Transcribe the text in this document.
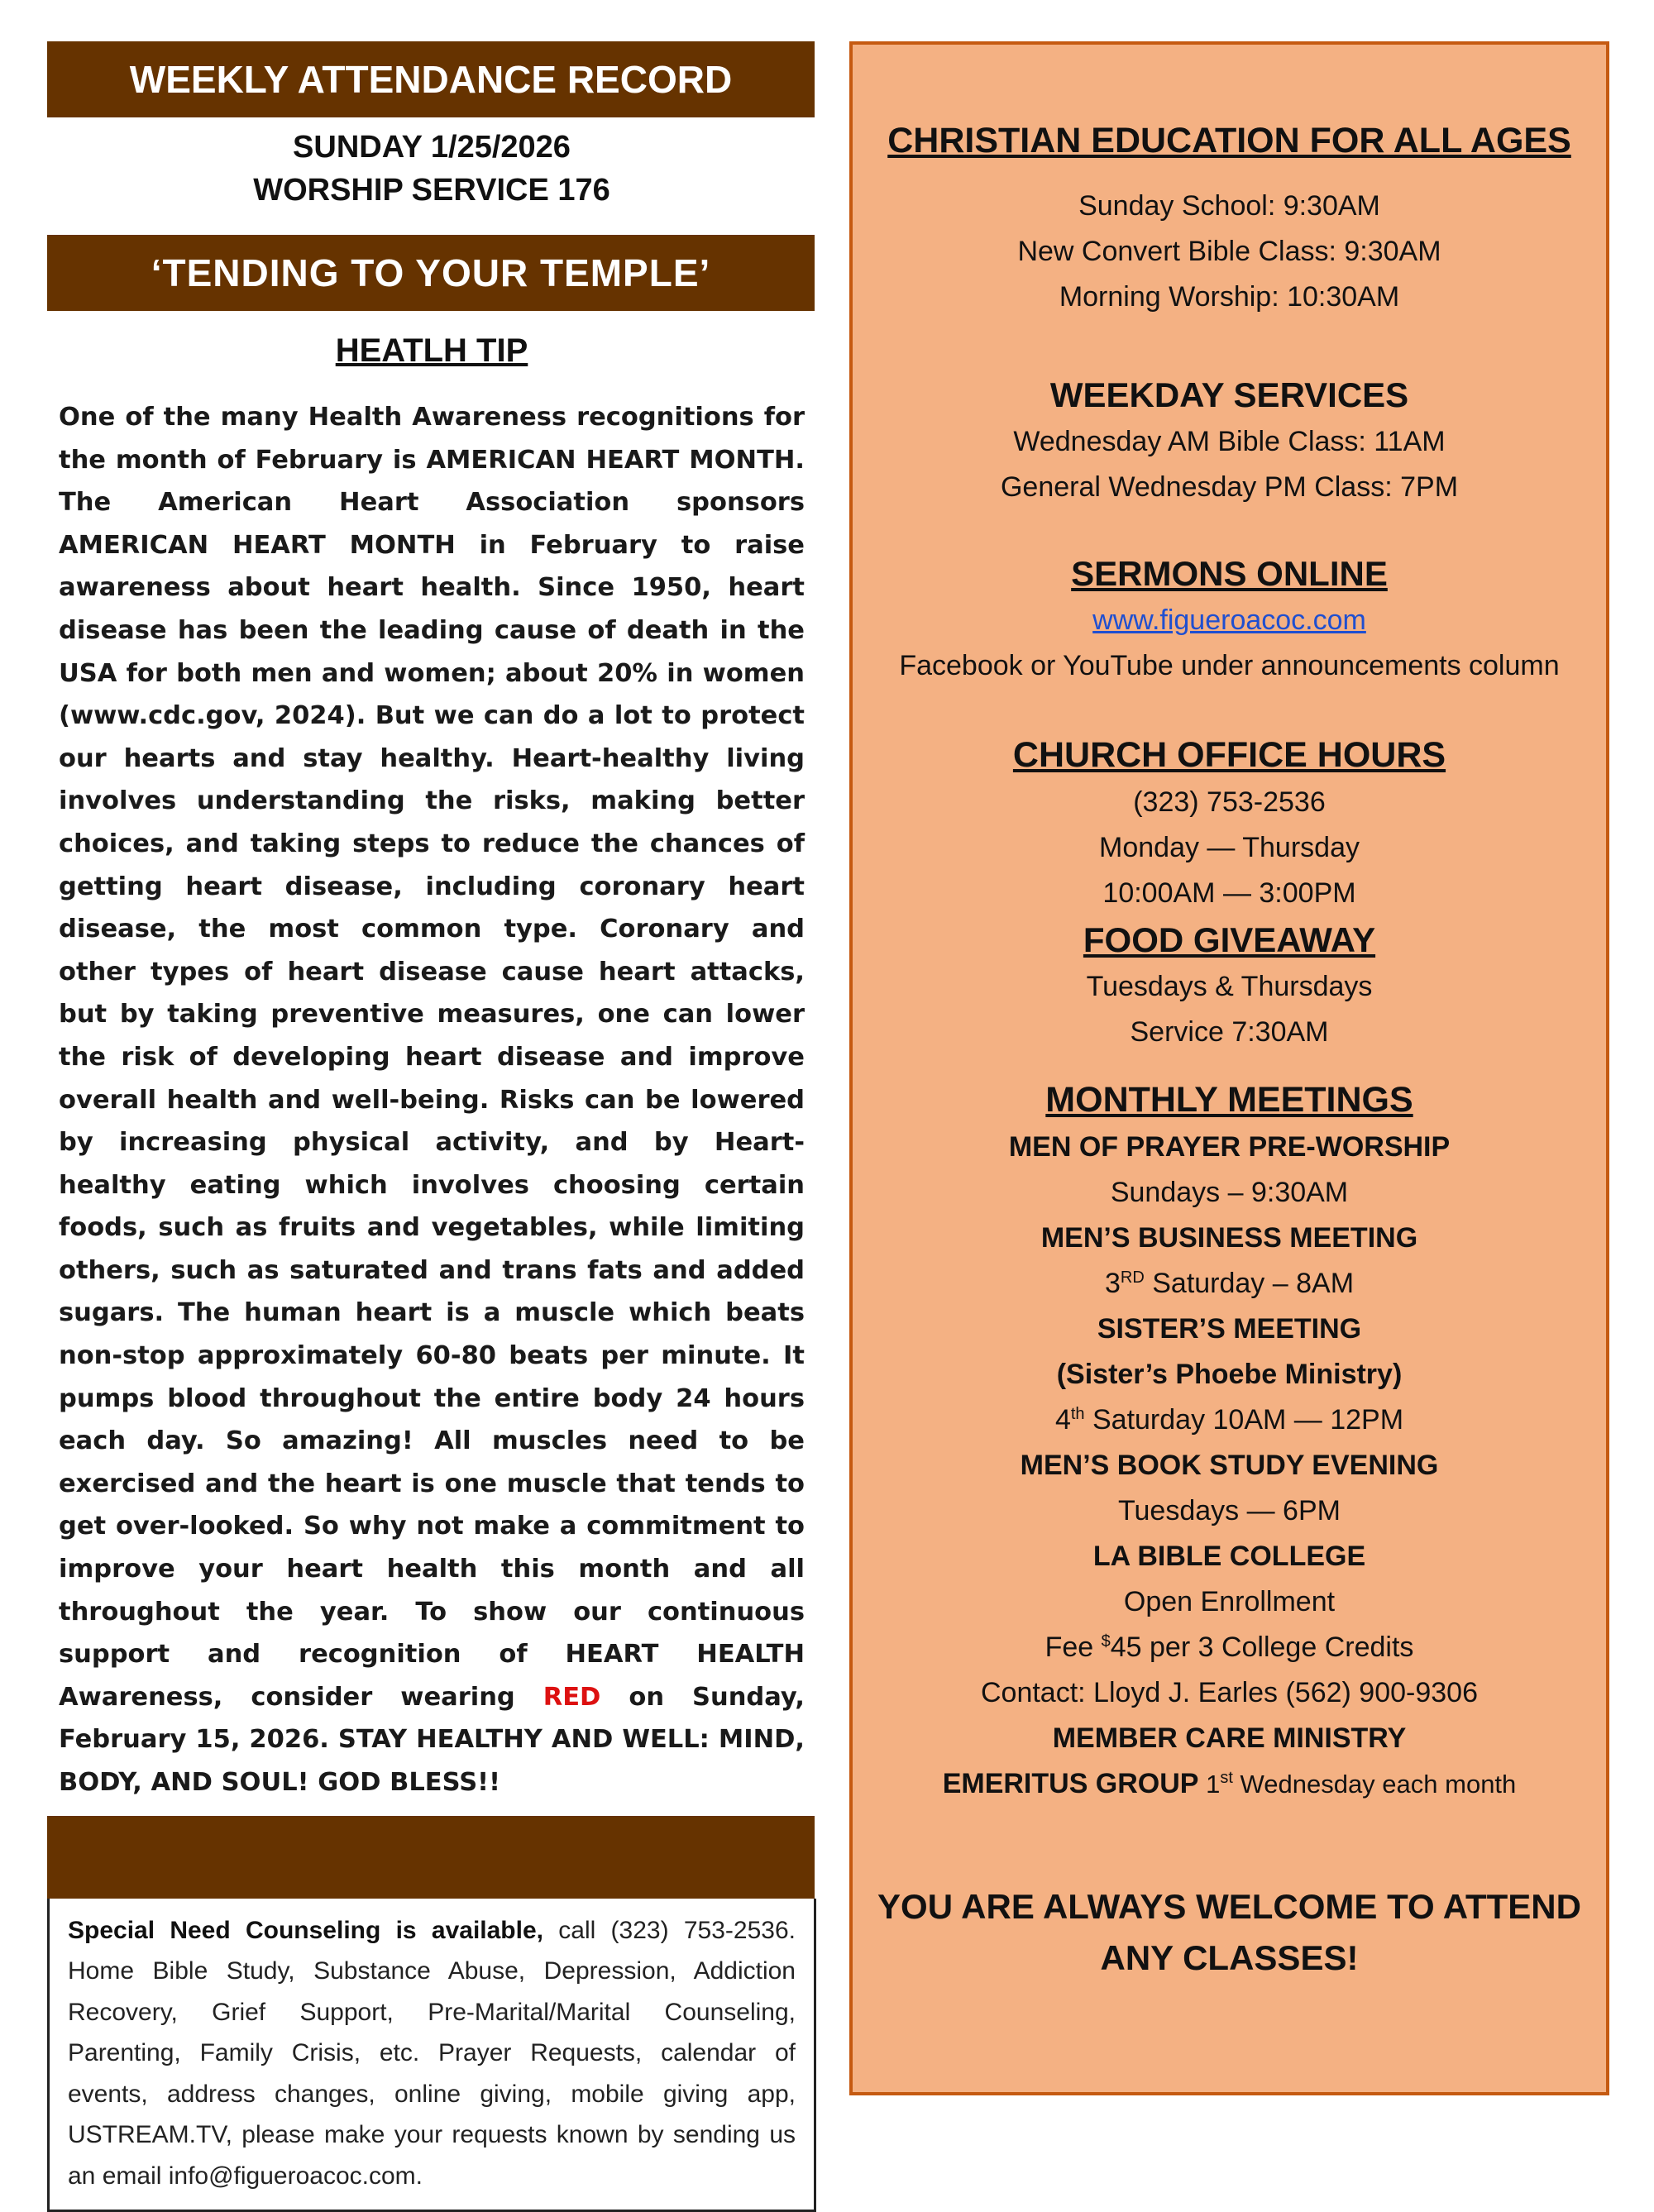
WEEKLY ATTENDANCE RECORD
SUNDAY 1/25/2026
WORSHIP SERVICE 176
‘TENDING TO YOUR TEMPLE’
HEATLH TIP
One of the many Health Awareness recognitions for the month of February is AMERICAN HEART MONTH. The American Heart Association sponsors AMERICAN HEART MONTH in February to raise awareness about heart health. Since 1950, heart disease has been the leading cause of death in the USA for both men and women; about 20% in women (www.cdc.gov, 2024). But we can do a lot to protect our hearts and stay healthy. Heart-healthy living involves understanding the risks, making better choices, and taking steps to reduce the chances of getting heart disease, including coronary heart disease, the most common type. Coronary and other types of heart disease cause heart attacks, but by taking preventive measures, one can lower the risk of developing heart disease and improve overall health and well-being. Risks can be lowered by increasing physical activity, and by Heart-healthy eating which involves choosing certain foods, such as fruits and vegetables, while limiting others, such as saturated and trans fats and added sugars. The human heart is a muscle which beats non-stop approximately 60-80 beats per minute. It pumps blood throughout the entire body 24 hours each day. So amazing! All muscles need to be exercised and the heart is one muscle that tends to get over-looked. So why not make a commitment to improve your heart health this month and all throughout the year. To show our continuous support and recognition of HEART HEALTH Awareness, consider wearing RED on Sunday, February 15, 2026. STAY HEALTHY AND WELL: MIND, BODY, AND SOUL! GOD BLESS!!
Special Need Counseling is available, call (323) 753-2536. Home Bible Study, Substance Abuse, Depression, Addiction Recovery, Grief Support, Pre-Marital/Marital Counseling, Parenting, Family Crisis, etc. Prayer Requests, calendar of events, address changes, online giving, mobile giving app, USTREAM.TV, please make your requests known by sending us an email info@figueroacoc.com.
CHRISTIAN EDUCATION FOR ALL AGES
Sunday School: 9:30AM
New Convert Bible Class: 9:30AM
Morning Worship: 10:30AM
WEEKDAY SERVICES
Wednesday AM Bible Class: 11AM
General Wednesday PM Class: 7PM
SERMONS ONLINE
www.figueroacoc.com
Facebook or YouTube under announcements column
CHURCH OFFICE HOURS
(323) 753-2536
Monday — Thursday
10:00AM — 3:00PM
FOOD GIVEAWAY
Tuesdays & Thursdays
Service 7:30AM
MONTHLY MEETINGS
MEN OF PRAYER PRE-WORSHIP
Sundays – 9:30AM
MEN’S BUSINESS MEETING
3RD Saturday – 8AM
SISTER’S MEETING
(Sister’s Phoebe Ministry)
4th Saturday 10AM — 12PM
MEN’S BOOK STUDY EVENING
Tuesdays — 6PM
LA BIBLE COLLEGE
Open Enrollment
Fee $45 per 3 College Credits
Contact: Lloyd J. Earles (562) 900-9306
MEMBER CARE MINISTRY
EMERITUS GROUP 1st Wednesday each month
YOU ARE ALWAYS WELCOME TO ATTEND
ANY CLASSES!
